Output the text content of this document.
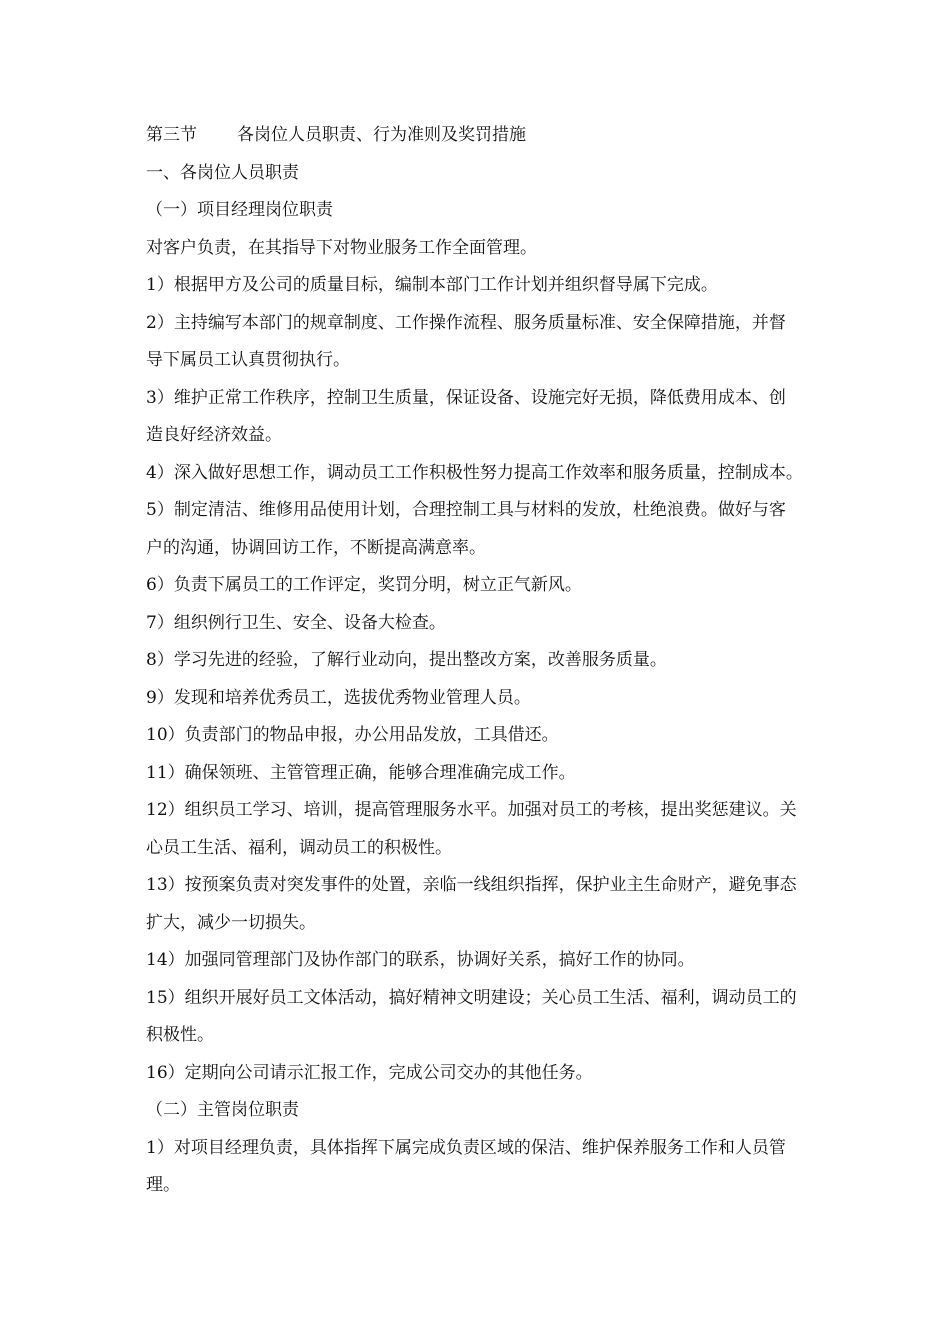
第三节 各岗位人员职责、行为准则及奖罚措施

一、各岗位人员职责

（一）项目经理岗位职责

对客户负责，在其指导下对物业服务工作全面管理。

1）根据甲方及公司的质量目标，编制本部门工作计划并组织督导属下完成。

2）主持编写本部门的规章制度、工作操作流程、服务质量标准、安全保障措施，并督

导下属员工认真贯彻执行。

3）维护正常工作秩序，控制卫生质量，保证设备、设施完好无损，降低费用成本、创

造良好经济效益。

4）深入做好思想工作，调动员工工作积极性努力提高工作效率和服务质量，控制成本。

5）制定清洁、维修用品使用计划，合理控制工具与材料的发放，杜绝浪费。做好与客

户的沟通，协调回访工作，不断提高满意率。

6）负责下属员工的工作评定，奖罚分明，树立正气新风。

7）组织例行卫生、安全、设备大检查。

8）学习先进的经验，了解行业动向，提出整改方案，改善服务质量。

9）发现和培养优秀员工，选拔优秀物业管理人员。

10）负责部门的物品申报，办公用品发放，工具借还。

11）确保领班、主管管理正确，能够合理准确完成工作。

12）组织员工学习、培训，提高管理服务水平。加强对员工的考核，提出奖惩建议。关

心员工生活、福利，调动员工的积极性。

13）按预案负责对突发事件的处置，亲临一线组织指挥，保护业主生命财产，避免事态

扩大，减少一切损失。

14）加强同管理部门及协作部门的联系，协调好关系，搞好工作的协同。

15）组织开展好员工文体活动，搞好精神文明建设；关心员工生活、福利，调动员工的

积极性。

16）定期向公司请示汇报工作，完成公司交办的其他任务。

（二）主管岗位职责

1）对项目经理负责，具体指挥下属完成负责区域的保洁、维护保养服务工作和人员管

理。
